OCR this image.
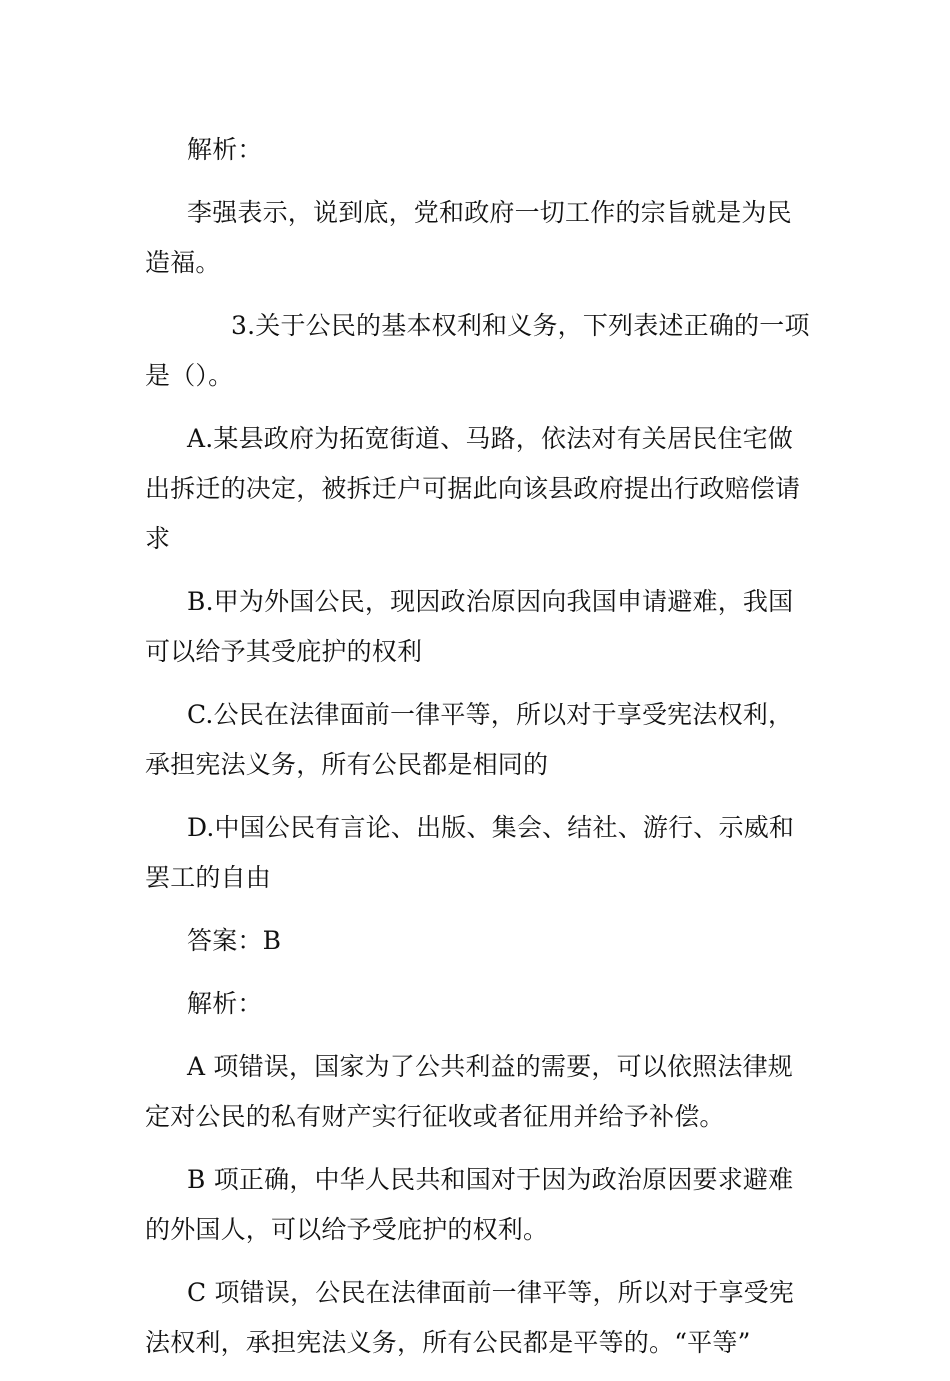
解析：

李强表示，说到底，党和政府一切工作的宗旨就是为民造福。

3.关于公民的基本权利和义务，下列表述正确的一项是（）。

A.某县政府为拓宽街道、马路，依法对有关居民住宅做出拆迁的决定，被拆迁户可据此向该县政府提出行政赔偿请求

B.甲为外国公民，现因政治原因向我国申请避难，我国可以给予其受庇护的权利

C.公民在法律面前一律平等，所以对于享受宪法权利，承担宪法义务，所有公民都是相同的

D.中国公民有言论、出版、集会、结社、游行、示威和罢工的自由

答案：B

解析：

A 项错误，国家为了公共利益的需要，可以依照法律规定对公民的私有财产实行征收或者征用并给予补偿。

B 项正确，中华人民共和国对于因为政治原因要求避难的外国人，可以给予受庇护的权利。

C 项错误，公民在法律面前一律平等，所以对于享受宪法权利，承担宪法义务，所有公民都是平等的。“平等”
